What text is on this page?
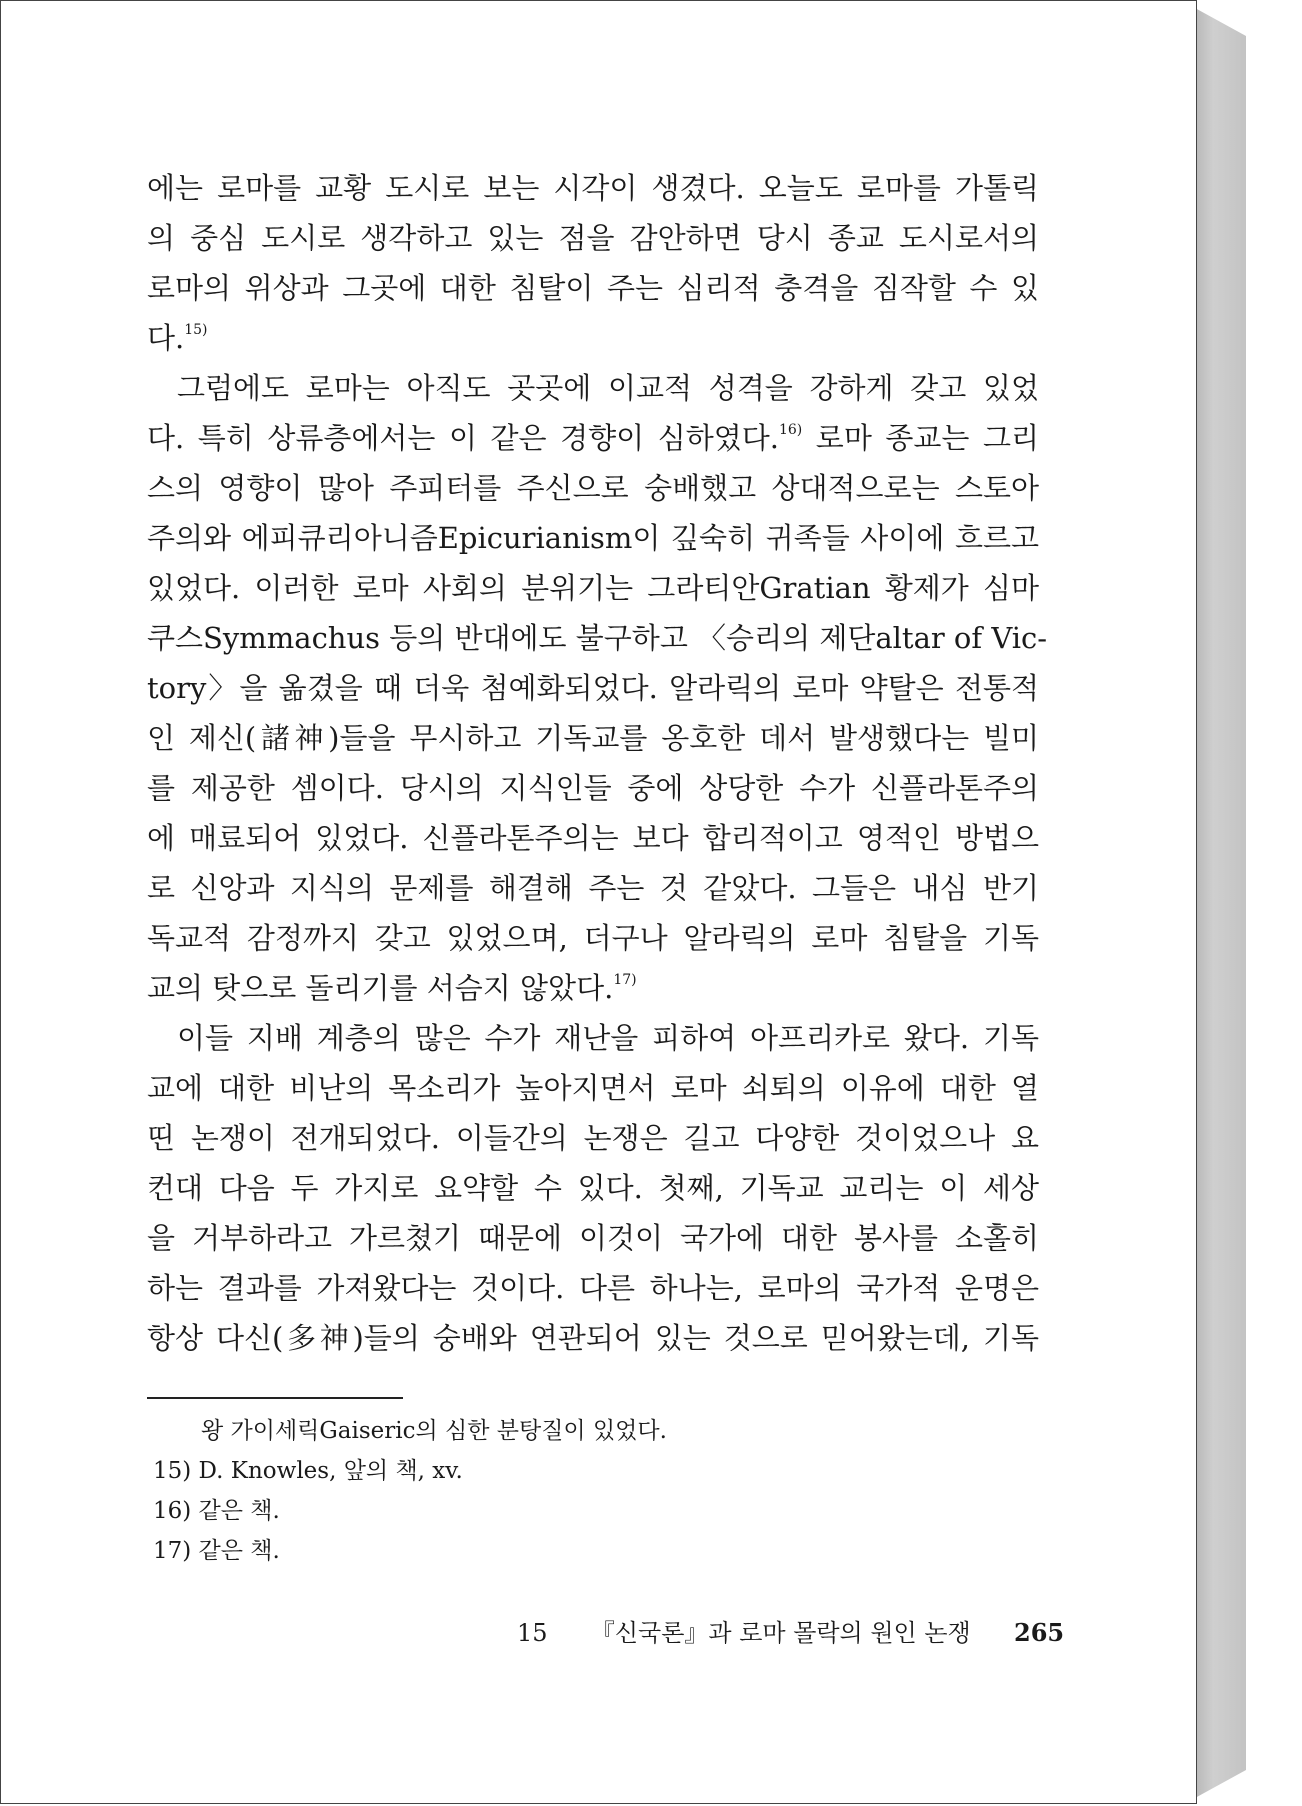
에는 로마를 교황 도시로 보는 시각이 생겼다. 오늘도 로마를 가톨릭
의 중심 도시로 생각하고 있는 점을 감안하면 당시 종교 도시로서의
로마의 위상과 그곳에 대한 침탈이 주는 심리적 충격을 짐작할 수 있
다.$^{15)}$
그럼에도 로마는 아직도 곳곳에 이교적 성격을 강하게 갖고 있었
다. 특히 상류층에서는 이 같은 경향이 심하였다.$^{16)}$ 로마 종교는 그리
스의 영향이 많아 주피터를 주신으로 숭배했고 상대적으로는 스토아
주의와 에피큐리아니즘Epicurianism이 깊숙히 귀족들 사이에 흐르고
있었다. 이러한 로마 사회의 분위기는 그라티안Gratian 황제가 심마
쿠스Symmachus 등의 반대에도 불구하고 〈승리의 제단altar of Vic-
tory〉을 옮겼을 때 더욱 첨예화되었다. 알라릭의 로마 약탈은 전통적
인 제신(諸神)들을 무시하고 기독교를 옹호한 데서 발생했다는 빌미
를 제공한 셈이다. 당시의 지식인들 중에 상당한 수가 신플라톤주의
에 매료되어 있었다. 신플라톤주의는 보다 합리적이고 영적인 방법으
로 신앙과 지식의 문제를 해결해 주는 것 같았다. 그들은 내심 반기
독교적 감정까지 갖고 있었으며, 더구나 알라릭의 로마 침탈을 기독
교의 탓으로 돌리기를 서슴지 않았다.$^{17)}$
이들 지배 계층의 많은 수가 재난을 피하여 아프리카로 왔다. 기독
교에 대한 비난의 목소리가 높아지면서 로마 쇠퇴의 이유에 대한 열
띤 논쟁이 전개되었다. 이들간의 논쟁은 길고 다양한 것이었으나 요
컨대 다음 두 가지로 요약할 수 있다. 첫째, 기독교 교리는 이 세상
을 거부하라고 가르쳤기 때문에 이것이 국가에 대한 봉사를 소홀히
하는 결과를 가져왔다는 것이다. 다른 하나는, 로마의 국가적 운명은
항상 다신(多神)들의 숭배와 연관되어 있는 것으로 믿어왔는데, 기독
왕 가이세릭Gaiseric의 심한 분탕질이 있었다.
15) D. Knowles, 앞의 책, xv.
16) 같은 책.
17) 같은 책.
15 『신국론』과 로마 몰락의 원인 논쟁 265
